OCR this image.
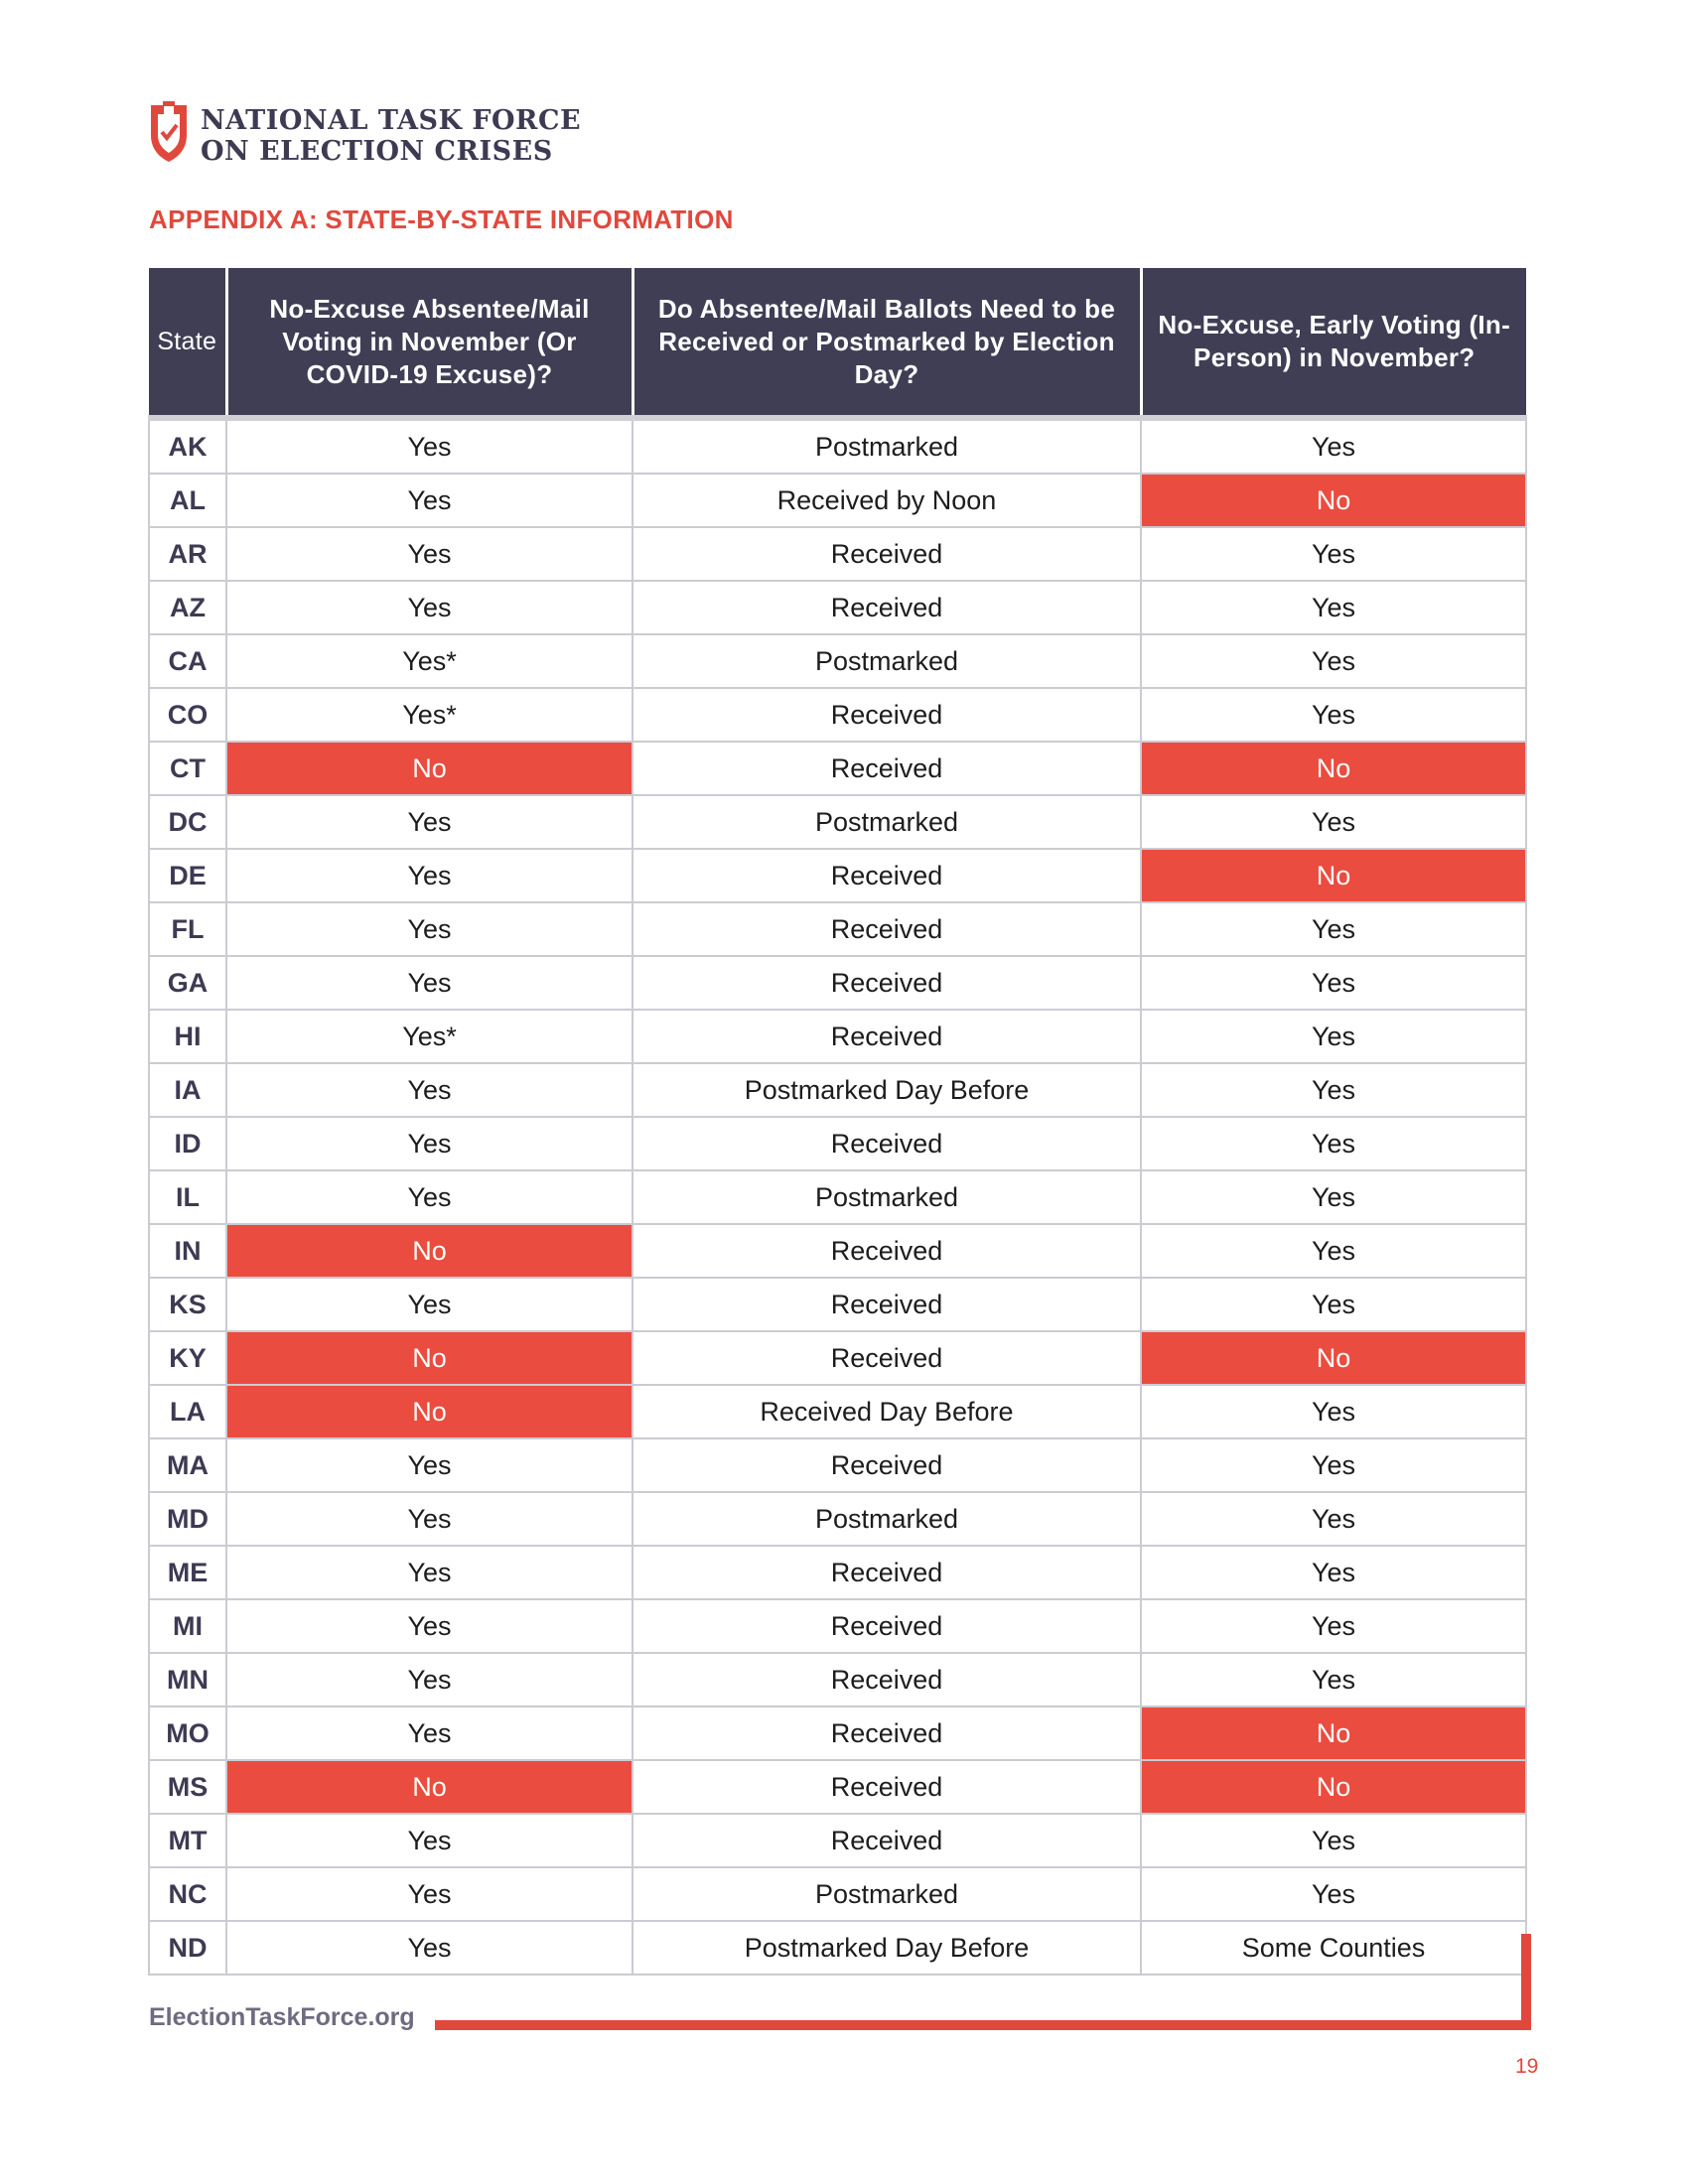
NATIONAL TASK FORCE
ON ELECTION CRISES
APPENDIX A: STATE-BY-STATE INFORMATION
State	No-Excuse Absentee/Mail Voting in November (Or COVID-19 Excuse)?	Do Absentee/Mail Ballots Need to be Received or Postmarked by Election Day?	No-Excuse, Early Voting (In-Person) in November?
AK	Yes	Postmarked	Yes
AL	Yes	Received by Noon	No
AR	Yes	Received	Yes
AZ	Yes	Received	Yes
CA	Yes*	Postmarked	Yes
CO	Yes*	Received	Yes
CT	No	Received	No
DC	Yes	Postmarked	Yes
DE	Yes	Received	No
FL	Yes	Received	Yes
GA	Yes	Received	Yes
HI	Yes*	Received	Yes
IA	Yes	Postmarked Day Before	Yes
ID	Yes	Received	Yes
IL	Yes	Postmarked	Yes
IN	No	Received	Yes
KS	Yes	Received	Yes
KY	No	Received	No
LA	No	Received Day Before	Yes
MA	Yes	Received	Yes
MD	Yes	Postmarked	Yes
ME	Yes	Received	Yes
MI	Yes	Received	Yes
MN	Yes	Received	Yes
MO	Yes	Received	No
MS	No	Received	No
MT	Yes	Received	Yes
NC	Yes	Postmarked	Yes
ND	Yes	Postmarked Day Before	Some Counties
ElectionTaskForce.org
19
